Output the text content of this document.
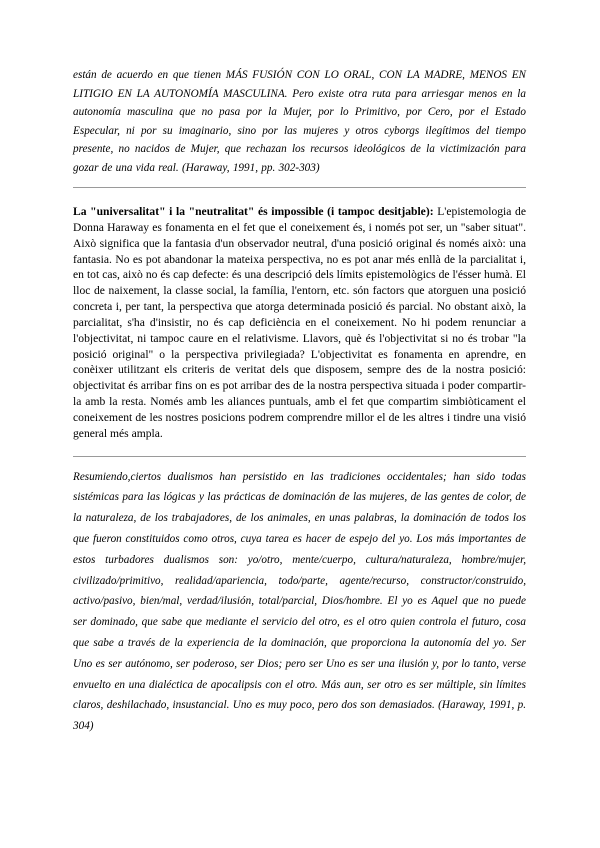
están de acuerdo en que tienen MÁS FUSIÓN CON LO ORAL, CON LA MADRE, MENOS EN LITIGIO EN LA AUTONOMÍA MASCULINA. Pero existe otra ruta para arriesgar menos en la autonomía masculina que no pasa por la Mujer, por lo Primitivo, por Cero, por el Estado Especular, ni por su imaginario, sino por las mujeres y otros cyborgs ilegítimos del tiempo presente, no nacidos de Mujer, que rechazan los recursos ideológicos de la victimización para gozar de una vida real. (Haraway, 1991, pp. 302-303)

La "universalitat" i la "neutralitat" és impossible (i tampoc desitjable): L'epistemologia de Donna Haraway es fonamenta en el fet que el coneixement és, i només pot ser, un "saber situat". Això significa que la fantasia d'un observador neutral, d'una posició original és només això: una fantasia. No es pot abandonar la mateixa perspectiva, no es pot anar més enllà de la parcialitat i, en tot cas, això no és cap defecte: és una descripció dels límits epistemològics de l'ésser humà. El lloc de naixement, la classe social, la família, l'entorn, etc. són factors que atorguen una posició concreta i, per tant, la perspectiva que atorga determinada posició és parcial. No obstant això, la parcialitat, s'ha d'insistir, no és cap deficiència en el coneixement. No hi podem renunciar a l'objectivitat, ni tampoc caure en el relativisme. Llavors, què és l'objectivitat si no és trobar "la posició original" o la perspectiva privilegiada? L'objectivitat es fonamenta en aprendre, en conèixer utilitzant els criteris de veritat dels que disposem, sempre des de la nostra posició: objectivitat és arribar fins on es pot arribar des de la nostra perspectiva situada i poder compartir-la amb la resta. Només amb les aliances puntuals, amb el fet que compartim simbiòticament el coneixement de les nostres posicions podrem comprendre millor el de les altres i tindre una visió general més ampla.

Resumiendo,ciertos dualismos han persistido en las tradiciones occidentales; han sido todas sistémicas para las lógicas y las prácticas de dominación de las mujeres, de las gentes de color, de la naturaleza, de los trabajadores, de los animales, en unas palabras, la dominación de todos los que fueron constituidos como otros, cuya tarea es hacer de espejo del yo. Los más importantes de estos turbadores dualismos son: yo/otro, mente/cuerpo, cultura/naturaleza, hombre/mujer, civilizado/primitivo, realidad/apariencia, todo/parte, agente/recurso, constructor/construido, activo/pasivo, bien/mal, verdad/ilusión, total/parcial, Dios/hombre. El yo es Aquel que no puede ser dominado, que sabe que mediante el servicio del otro, es el otro quien controla el futuro, cosa que sabe a través de la experiencia de la dominación, que proporciona la autonomía del yo. Ser Uno es ser autónomo, ser poderoso, ser Dios; pero ser Uno es ser una ilusión y, por lo tanto, verse envuelto en una dialéctica de apocalipsis con el otro. Más aun, ser otro es ser múltiple, sin límites claros, deshilachado, insustancial. Uno es muy poco, pero dos son demasiados. (Haraway, 1991, p. 304)
